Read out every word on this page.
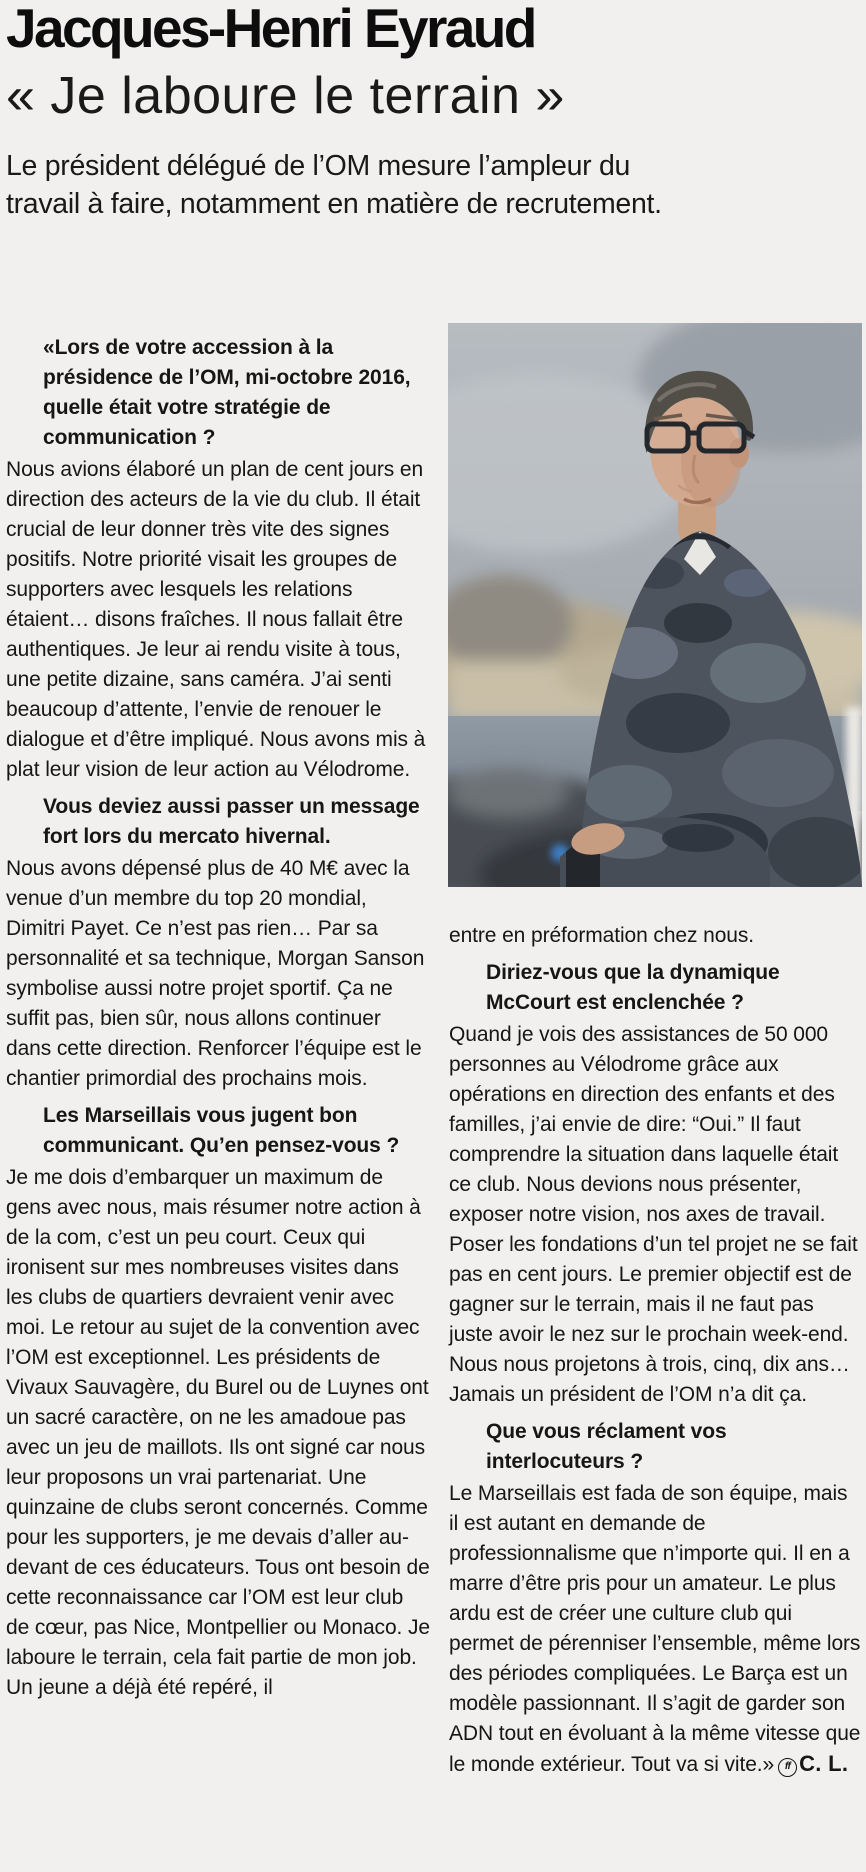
Jacques-Henri Eyraud
« Je laboure le terrain »

Le président délégué de l’OM mesure l’ampleur du travail à faire, notamment en matière de recrutement.

«Lors de votre accession à la présidence de l’OM, mi-octobre 2016, quelle était votre stratégie de communication ?

Nous avions élaboré un plan de cent jours en direction des acteurs de la vie du club. Il était crucial de leur donner très vite des signes positifs. Notre priorité visait les groupes de supporters avec lesquels les relations étaient… disons fraîches. Il nous fallait être authentiques. Je leur ai rendu visite à tous, une petite dizaine, sans caméra. J’ai senti beaucoup d’attente, l’envie de renouer le dialogue et d’être impliqué. Nous avons mis à plat leur vision de leur action au Vélodrome.

Vous deviez aussi passer un message fort lors du mercato hivernal.

Nous avons dépensé plus de 40 M€ avec la venue d’un membre du top 20 mondial, Dimitri Payet. Ce n’est pas rien… Par sa personnalité et sa technique, Morgan Sanson symbolise aussi notre projet sportif. Ça ne suffit pas, bien sûr, nous allons continuer dans cette direction. Renforcer l’équipe est le chantier primordial des prochains mois.

Les Marseillais vous jugent bon communicant. Qu’en pensez-vous ?

Je me dois d’embarquer un maximum de gens avec nous, mais résumer notre action à de la com, c’est un peu court. Ceux qui ironisent sur mes nombreuses visites dans les clubs de quartiers devraient venir avec moi. Le retour au sujet de la convention avec l’OM est exceptionnel. Les présidents de Vivaux Sauvagère, du Burel ou de Luynes ont un sacré caractère, on ne les amadoue pas avec un jeu de maillots. Ils ont signé car nous leur proposons un vrai partenariat. Une quinzaine de clubs seront concernés. Comme pour les supporters, je me devais d’aller au-devant de ces éducateurs. Tous ont besoin de cette reconnaissance car l’OM est leur club de cœur, pas Nice, Montpellier ou Monaco. Je laboure le terrain, cela fait partie de mon job. Un jeune a déjà été repéré, il

entre en préformation chez nous.

Diriez-vous que la dynamique McCourt est enclenchée ?

Quand je vois des assistances de 50 000 personnes au Vélodrome grâce aux opérations en direction des enfants et des familles, j’ai envie de dire: “Oui.” Il faut comprendre la situation dans laquelle était ce club. Nous devions nous présenter, exposer notre vision, nos axes de travail. Poser les fondations d’un tel projet ne se fait pas en cent jours. Le premier objectif est de gagner sur le terrain, mais il ne faut pas juste avoir le nez sur le prochain week-end. Nous nous projetons à trois, cinq, dix ans… Jamais un président de l’OM n’a dit ça.

Que vous réclament vos interlocuteurs ?

Le Marseillais est fada de son équipe, mais il est autant en demande de professionnalisme que n’importe qui. Il en a marre d’être pris pour un amateur. Le plus ardu est de créer une culture club qui permet de pérenniser l’ensemble, même lors des périodes compliquées. Le Barça est un modèle passionnant. Il s’agit de garder son ADN tout en évoluant à la même vitesse que le monde extérieur. Tout va si vite.» ff C. L.
